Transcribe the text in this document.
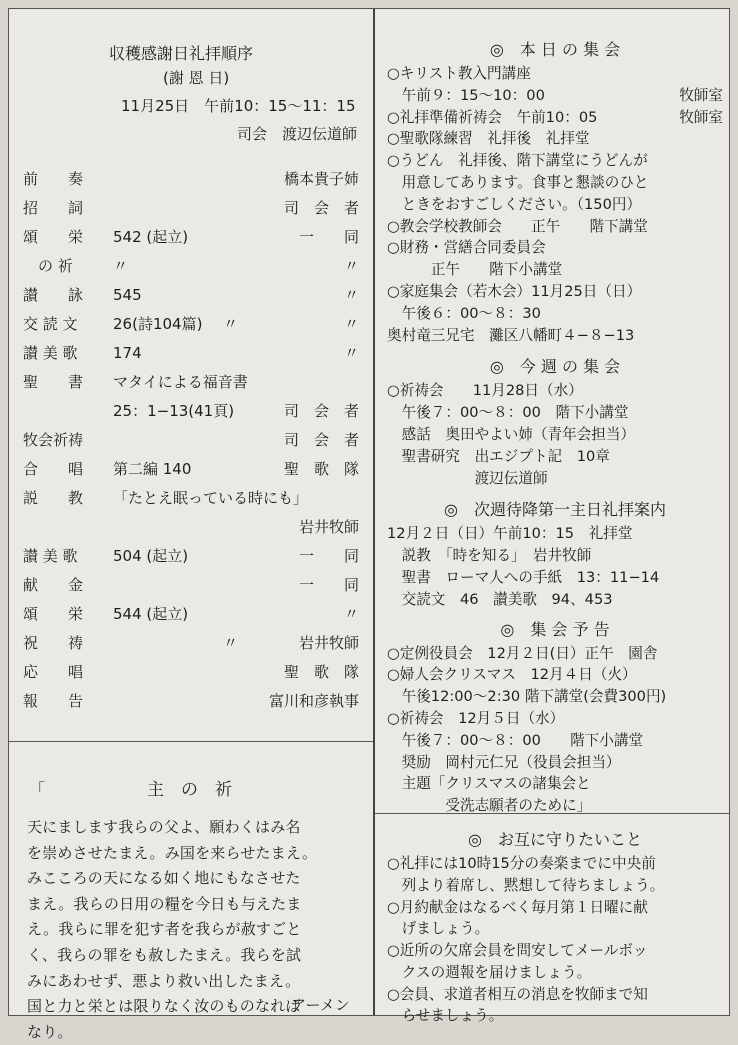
収穫感謝日礼拝順序
(謝 恩 日)
11月25日　午前10：15〜11：15
司会　渡辺伝道師
前　　奏	橋本貴子姉
招　　詞	司　会　者
頌　　栄 542 (起立)	一　　同
　の 祈	〃	〃
讃　　詠 545	〃
交 読 文 26(詩104篇) 〃	〃
讃 美 歌 174	〃
聖　　書 マタイによる福音書
25：1−13(41頁)	司　会　者
牧会祈祷	司　会　者
合　　唱 第二編 140	聖　歌　隊
説　　教 「たとえ眠っている時にも」
岩井牧師
讃 美 歌 504 (起立)	一　　同
献　　金	一　　同
頌　　栄 544 (起立)	〃
祝　　祷	〃	岩井牧師
応　　唱	聖　歌　隊
報　　告	富川和彦執事
「	主　の　祈
天にまします我らの父よ、願わくはみ名
を崇めさせたまえ。み国を来らせたまえ。
みこころの天になる如く地にもなさせた
まえ。我らの日用の糧を今日も与えたま
え。我らに罪を犯す者を我らが赦すごと
く、我らの罪をも赦したまえ。我らを試
みにあわせず、悪より救い出したまえ。
国と力と栄とは限りなく汝のものなれば
なり。
アーメン
◎　本 日 の 集 会
○キリスト教入門講座
　午前９：15〜10：00	牧師室
○礼拝準備祈祷会　午前10：05	牧師室
○聖歌隊練習　礼拝後　礼拝堂
○うどん　礼拝後、階下講堂にうどんが
　用意してあります。食事と懇談のひと
　ときをおすごしください。（150円）
○教会学校教師会　　正午　　階下講堂
○財務・営繕合同委員会
　　　正午　　階下小講堂
○家庭集会（若木会）11月25日（日）
　午後６：00〜８：30
奥村竜三兄宅　灘区八幡町４−８−13
◎　今 週 の 集 会
○祈祷会　　11月28日（水）
　午後７：00〜８：00　階下小講堂
　感話　奥田やよい姉（青年会担当）
　聖書研究　出エジプト記　10章
　　　　　　渡辺伝道師
◎　次週待降第一主日礼拝案内
12月２日（日）午前10：15　礼拝堂
　説教　「時を知る」　岩井牧師
　聖書　ローマ人への手紙　13：11−14
　交読文　46　讃美歌　94、453
◎　集 会 予 告
○定例役員会　12月２日(日）正午　園舎
○婦人会クリスマス　12月４日（火）
　午後12:00〜2:30 階下講堂(会費300円)
○祈祷会　12月５日（水）
　午後７：00〜８：00　　階下小講堂
　奨励　岡村元仁兄（役員会担当）
　主題「クリスマスの諸集会と
　　　　受洗志願者のために」
◎　お互に守りたいこと
○礼拝には10時15分の奏楽までに中央前
　列より着席し、黙想して待ちましょう。
○月約献金はなるべく毎月第１日曜に献
　げましょう。
○近所の欠席会員を問安してメールボッ
　クスの週報を届けましょう。
○会員、求道者相互の消息を牧師まで知
　らせましょう。
